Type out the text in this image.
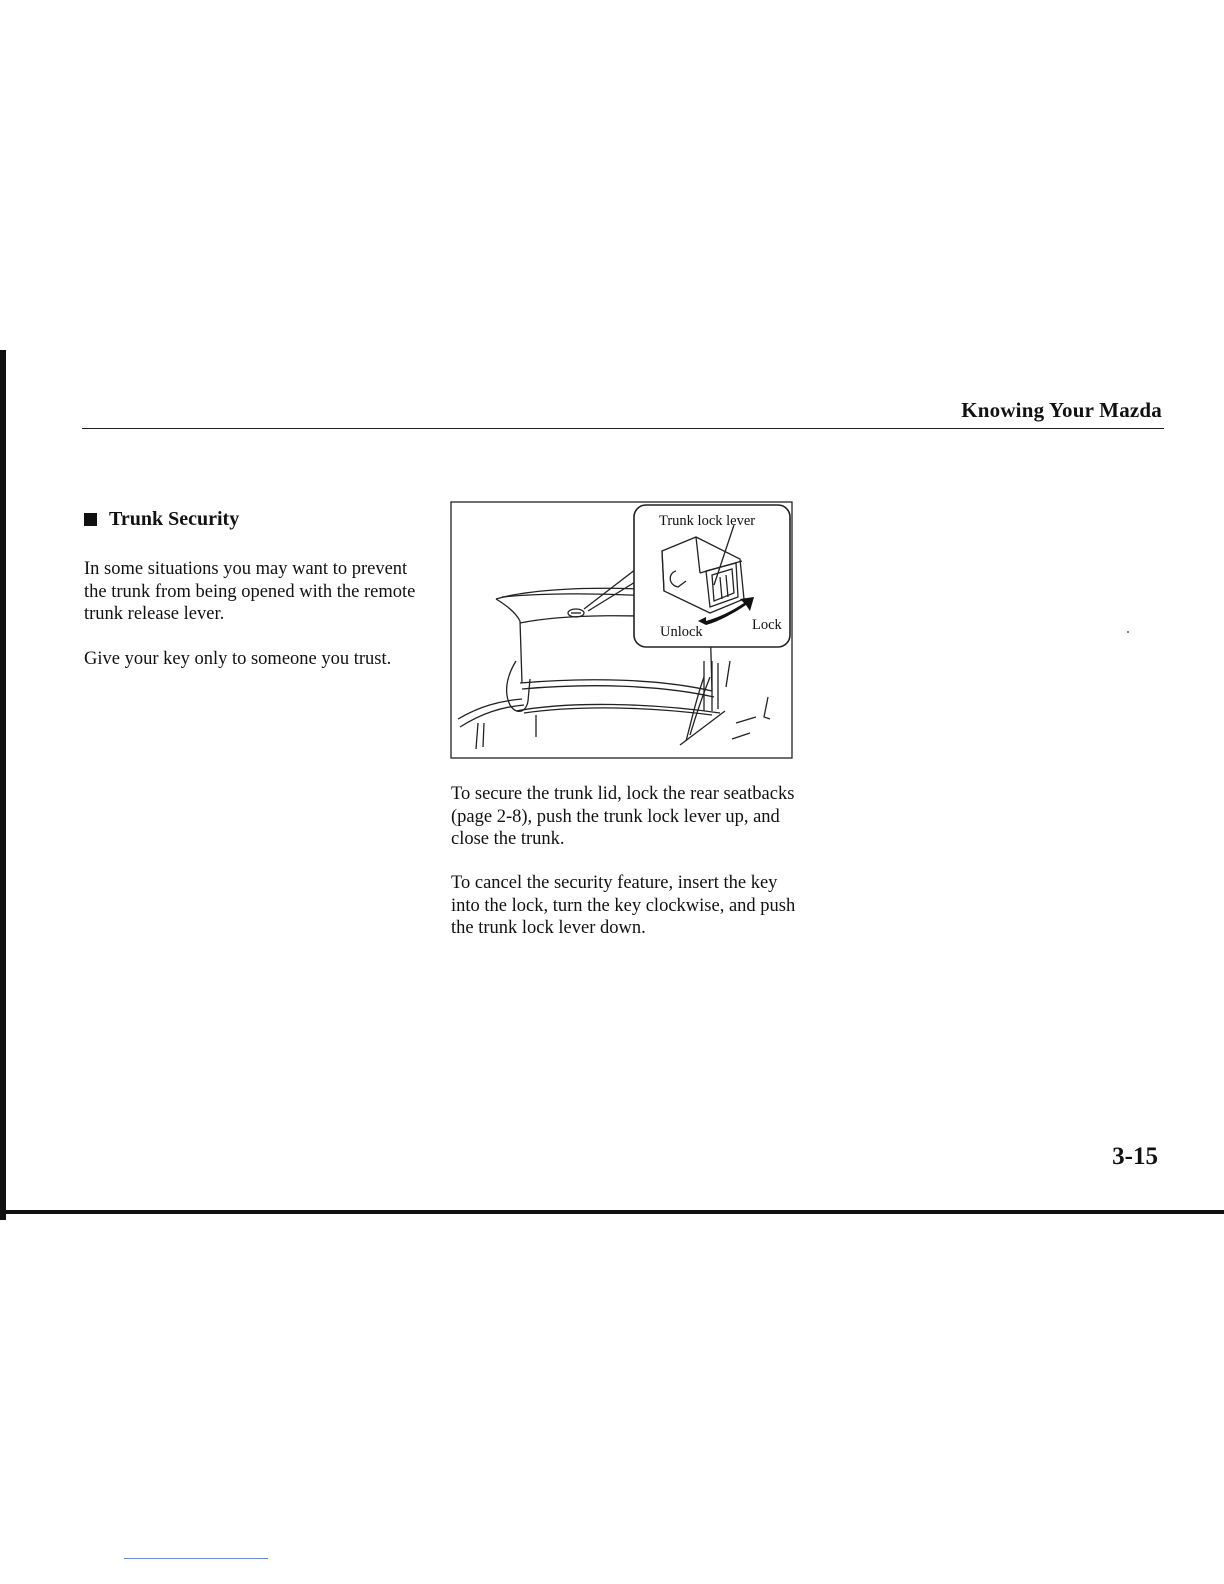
Knowing Your Mazda
Trunk Security

In some situations you may want to prevent the trunk from being opened with the remote trunk release lever.

Give your key only to someone you trust.

Trunk lock lever
Unlock	Lock

To secure the trunk lid, lock the rear seatbacks (page 2-8), push the trunk lock lever up, and close the trunk.

To cancel the security feature, insert the key into the lock, turn the key clockwise, and push the trunk lock lever down.

3-15
